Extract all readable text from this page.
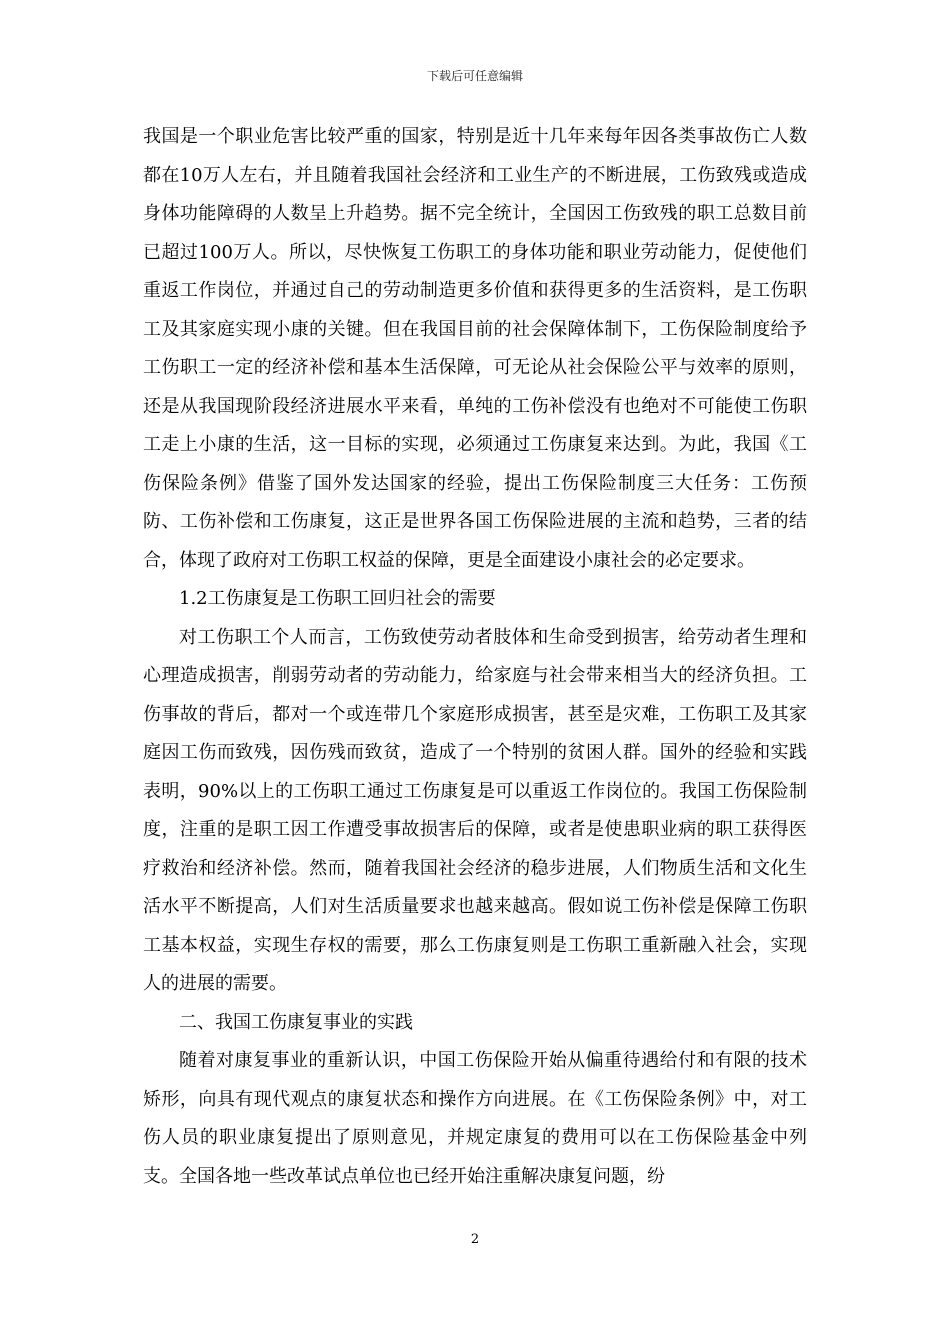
下载后可任意编辑

我国是一个职业危害比较严重的国家，特别是近十几年来每年因各类事故伤亡人数都在10万人左右，并且随着我国社会经济和工业生产的不断进展，工伤致残或造成身体功能障碍的人数呈上升趋势。据不完全统计，全国因工伤致残的职工总数目前已超过100万人。所以，尽快恢复工伤职工的身体功能和职业劳动能力，促使他们重返工作岗位，并通过自己的劳动制造更多价值和获得更多的生活资料，是工伤职工及其家庭实现小康的关键。但在我国目前的社会保障体制下，工伤保险制度给予工伤职工一定的经济补偿和基本生活保障，可无论从社会保险公平与效率的原则，还是从我国现阶段经济进展水平来看，单纯的工伤补偿没有也绝对不可能使工伤职工走上小康的生活，这一目标的实现，必须通过工伤康复来达到。为此，我国《工伤保险条例》借鉴了国外发达国家的经验，提出工伤保险制度三大任务：工伤预防、工伤补偿和工伤康复，这正是世界各国工伤保险进展的主流和趋势，三者的结合，体现了政府对工伤职工权益的保障，更是全面建设小康社会的必定要求。

1.2工伤康复是工伤职工回归社会的需要

对工伤职工个人而言，工伤致使劳动者肢体和生命受到损害，给劳动者生理和心理造成损害，削弱劳动者的劳动能力，给家庭与社会带来相当大的经济负担。工伤事故的背后，都对一个或连带几个家庭形成损害，甚至是灾难，工伤职工及其家庭因工伤而致残，因伤残而致贫，造成了一个特别的贫困人群。国外的经验和实践表明，90%以上的工伤职工通过工伤康复是可以重返工作岗位的。我国工伤保险制度，注重的是职工因工作遭受事故损害后的保障，或者是使患职业病的职工获得医疗救治和经济补偿。然而，随着我国社会经济的稳步进展，人们物质生活和文化生活水平不断提高，人们对生活质量要求也越来越高。假如说工伤补偿是保障工伤职工基本权益，实现生存权的需要，那么工伤康复则是工伤职工重新融入社会，实现人的进展的需要。

二、我国工伤康复事业的实践

随着对康复事业的重新认识，中国工伤保险开始从偏重待遇给付和有限的技术矫形，向具有现代观点的康复状态和操作方向进展。在《工伤保险条例》中，对工伤人员的职业康复提出了原则意见，并规定康复的费用可以在工伤保险基金中列支。全国各地一些改革试点单位也已经开始注重解决康复问题，纷

2
